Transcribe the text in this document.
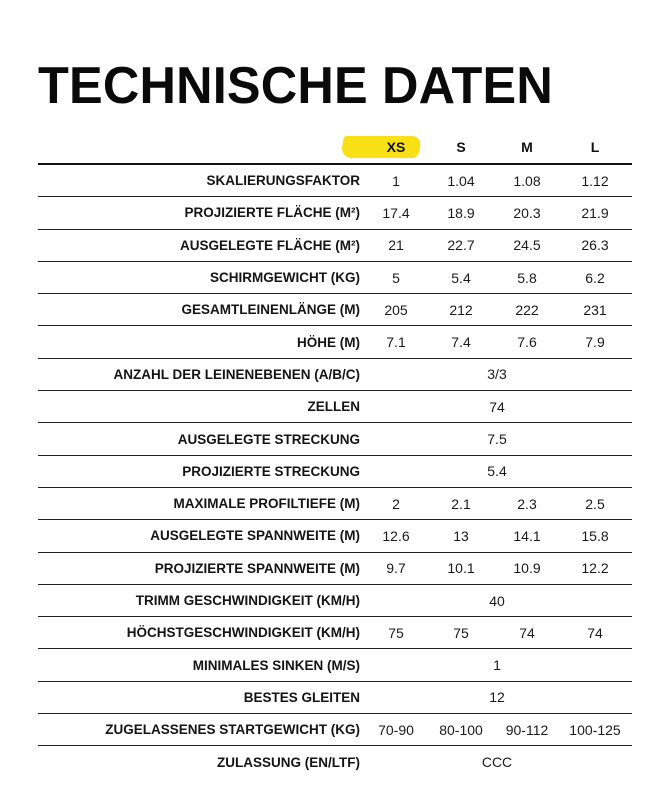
TECHNISCHE DATEN
XS	S	M	L
SKALIERUNGSFAKTOR	1	1.04	1.08	1.12
PROJIZIERTE FLÄCHE (M²)	17.4	18.9	20.3	21.9
AUSGELEGTE FLÄCHE (M²)	21	22.7	24.5	26.3
SCHIRMGEWICHT (KG)	5	5.4	5.8	6.2
GESAMTLEINENLÄNGE (M)	205	212	222	231
HÖHE (M)	7.1	7.4	7.6	7.9
ANZAHL DER LEINENEBENEN (A/B/C)	3/3
ZELLEN	74
AUSGELEGTE STRECKUNG	7.5
PROJIZIERTE STRECKUNG	5.4
MAXIMALE PROFILTIEFE (M)	2	2.1	2.3	2.5
AUSGELEGTE SPANNWEITE (M)	12.6	13	14.1	15.8
PROJIZIERTE SPANNWEITE (M)	9.7	10.1	10.9	12.2
TRIMM GESCHWINDIGKEIT (KM/H)	40
HÖCHSTGESCHWINDIGKEIT (KM/H)	75	75	74	74
MINIMALES SINKEN (M/S)	1
BESTES GLEITEN	12
ZUGELASSENES STARTGEWICHT (KG)	70-90	80-100	90-112	100-125
ZULASSUNG (EN/LTF)	CCC
